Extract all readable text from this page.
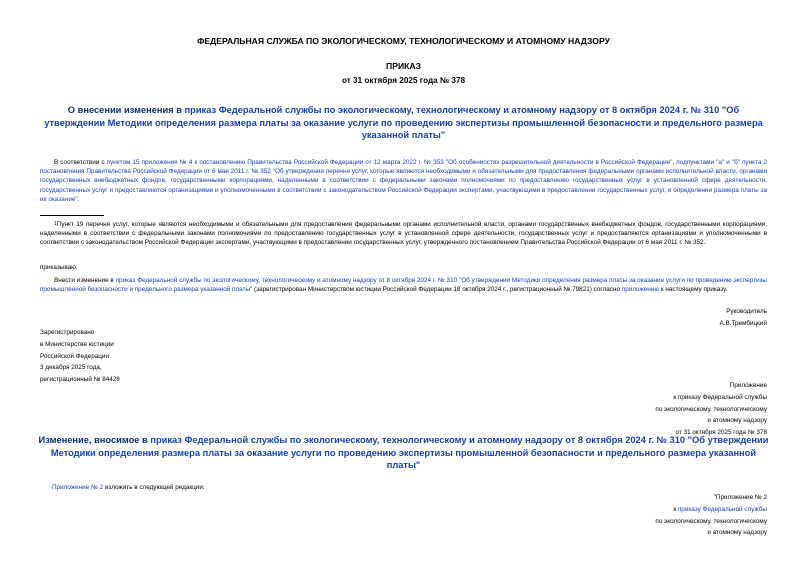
ФЕДЕРАЛЬНАЯ СЛУЖБА ПО ЭКОЛОГИЧЕСКОМУ, ТЕХНОЛОГИЧЕСКОМУ И АТОМНОМУ НАДЗОРУ
ПРИКАЗ
от 31 октября 2025 года № 378
О внесении изменения в приказ Федеральной службы по экологическому, технологическому и атомному надзору от 8 октября 2024 г. № 310 "Об утверждении Методики определения размера платы за оказание услуги по проведению экспертизы промышленной безопасности и предельного размера указанной платы"
В соответствии с пунктом 15 приложения № 4 к постановлению Правительства Российской Федерации от 12 марта 2022 г. № 353 "Об особенностях разрешительной деятельности в Российской Федерации", подпунктами "а" и "б" пункта 2 постановления Правительства Российской Федерации от 6 мая 2011 г. № 352 "Об утверждении перечня услуг, которые являются необходимыми и обязательными для предоставления федеральными органами исполнительной власти, органами государственных внебюджетных фондов, государственными корпорациями, наделенными в соответствии с федеральными законами полномочиями по предоставлению государственных услуг в установленной сфере деятельности, государственных услуг и предоставляются организациями и уполномоченными в соответствии с законодательством Российской Федерации экспертами, участвующими в предоставлении государственных услуг, и определении размера платы за их оказание".
$^1$Пункт 19 перечня услуг, которые являются необходимыми и обязательными для предоставления федеральными органами исполнительной власти, органами государственных внебюджетных фондов, государственными корпорациями, наделенными в соответствии с федеральными законами полномочиями по предоставлению государственных услуг в установленной сфере деятельности, государственных услуг и предоставляются организациями и уполномоченными в соответствии с законодательством Российской Федерации экспертами, участвующими в предоставлении государственных услуг, утвержденного постановлением Правительства Российской Федерации от 6 мая 2011 г. № 352.
приказываю:
Внести изменение в приказ Федеральной службы по экологическому, технологическому и атомному надзору от 8 октября 2024 г. № 310 "Об утверждении Методики определения размера платы за оказание услуги по проведению экспертизы промышленной безопасности и предельного размера указанной платы" (зарегистрирован Министерством юстиции Российской Федерации 18 октября 2024 г., регистрационный № 79821) согласно приложению к настоящему приказу.
Руководитель
А.В.Трембицкий
Зарегистрировано
в Министерстве юстиции
Российской Федерации
3 декабря 2025 года,
регистрационный № 84428
Приложение
к приказу Федеральной службы
по экологическому, технологическому
и атомному надзору
от 31 октября 2025 года № 378
Изменение, вносимое в приказ Федеральной службы по экологическому, технологическому и атомному надзору от 8 октября 2024 г. № 310 "Об утверждении Методики определения размера платы за оказание услуги по проведению экспертизы промышленной безопасности и предельного размера указанной платы"
Приложение № 2 изложить в следующей редакции:
"Приложение № 2
к приказу Федеральной службы
по экологическому, технологическому
и атомному надзору
